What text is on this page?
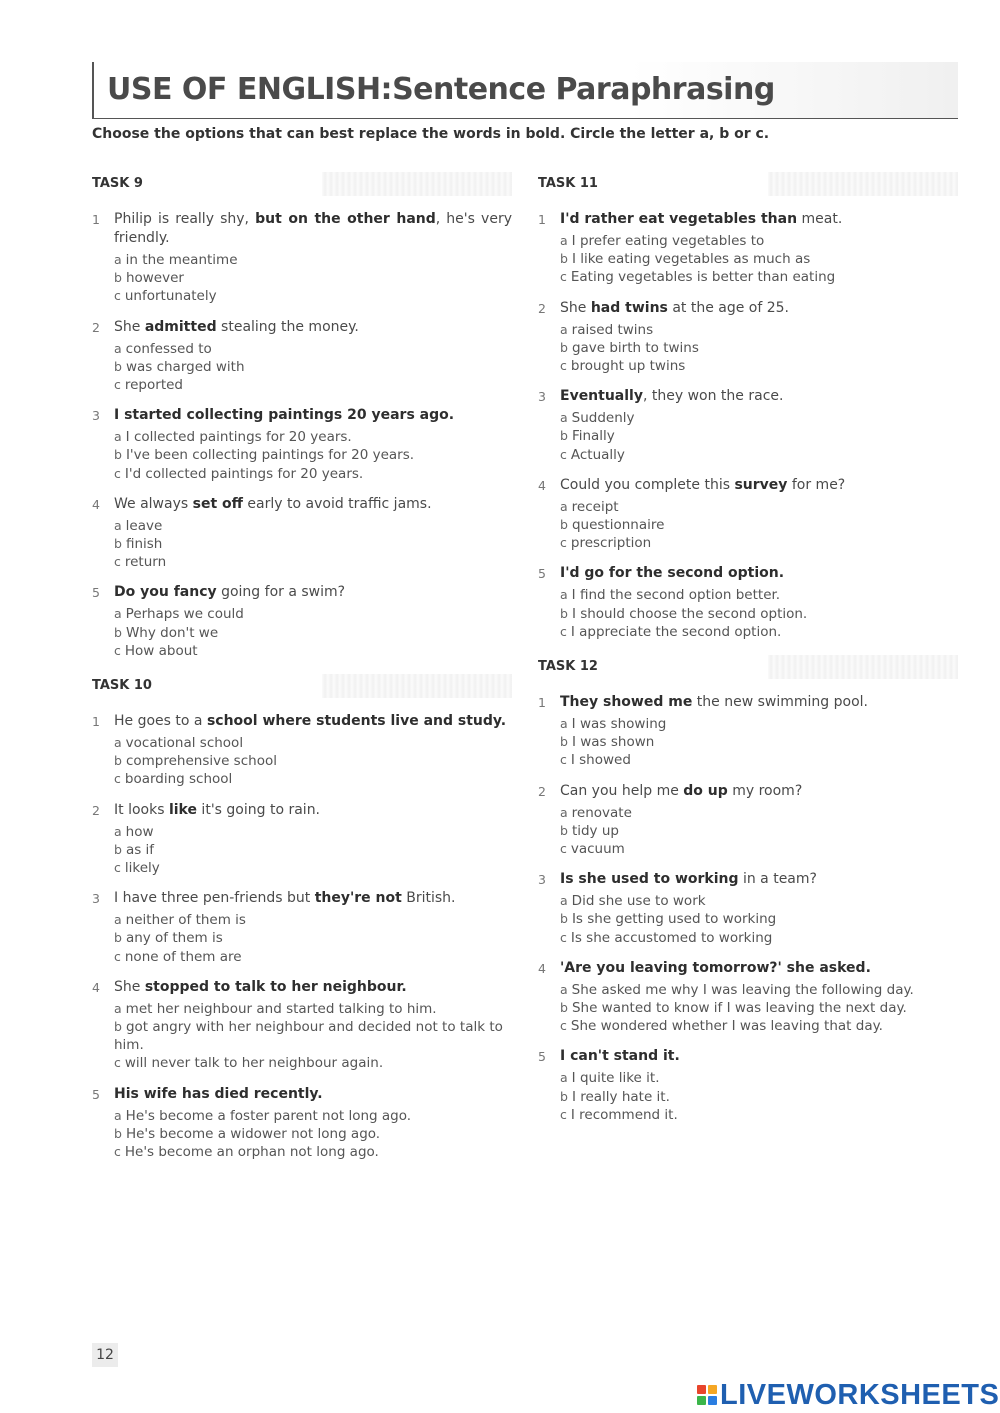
USE OF ENGLISH:Sentence Paraphrasing

Choose the options that can best replace the words in bold. Circle the letter a, b or c.

TASK 9
1	Philip is really shy, but on the other hand, he's very friendly.
a in the meantime
b however
c unfortunately
2	She admitted stealing the money.
a confessed to
b was charged with
c reported
3	I started collecting paintings 20 years ago.
a I collected paintings for 20 years.
b I've been collecting paintings for 20 years.
c I'd collected paintings for 20 years.
4	We always set off early to avoid traffic jams.
a leave
b finish
c return
5	Do you fancy going for a swim?
a Perhaps we could
b Why don't we
c How about
TASK 10
1	He goes to a school where students live and study.
a vocational school
b comprehensive school
c boarding school
2	It looks like it's going to rain.
a how
b as if
c likely
3	I have three pen-friends but they're not British.
a neither of them is
b any of them is
c none of them are
4	She stopped to talk to her neighbour.
a met her neighbour and started talking to him.
b got angry with her neighbour and decided not to talk to him.
c will never talk to her neighbour again.
5	His wife has died recently.
a He's become a foster parent not long ago.
b He's become a widower not long ago.
c He's become an orphan not long ago.
TASK 11
1	I'd rather eat vegetables than meat.
a I prefer eating vegetables to
b I like eating vegetables as much as
c Eating vegetables is better than eating
2	She had twins at the age of 25.
a raised twins
b gave birth to twins
c brought up twins
3	Eventually, they won the race.
a Suddenly
b Finally
c Actually
4	Could you complete this survey for me?
a receipt
b questionnaire
c prescription
5	I'd go for the second option.
a I find the second option better.
b I should choose the second option.
c I appreciate the second option.
TASK 12
1	They showed me the new swimming pool.
a I was showing
b I was shown
c I showed
2	Can you help me do up my room?
a renovate
b tidy up
c vacuum
3	Is she used to working in a team?
a Did she use to work
b Is she getting used to working
c Is she accustomed to working
4	'Are you leaving tomorrow?' she asked.
a She asked me why I was leaving the following day.
b She wanted to know if I was leaving the next day.
c She wondered whether I was leaving that day.
5	I can't stand it.
a I quite like it.
b I really hate it.
c I recommend it.
12
LIVEWORKSHEETS
